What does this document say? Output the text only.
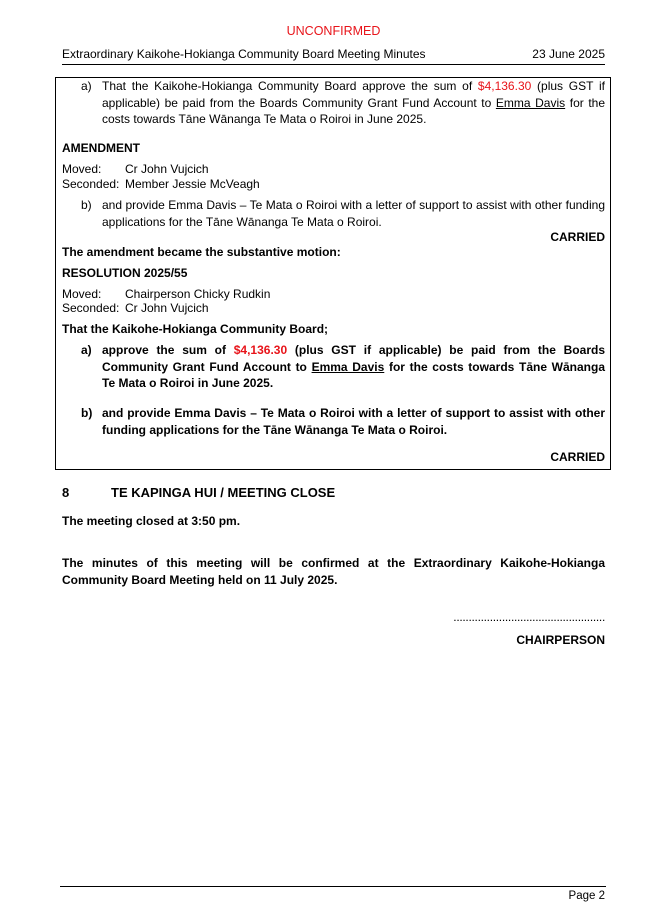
UNCONFIRMED
Extraordinary Kaikohe-Hokianga Community Board Meeting Minutes	23 June 2025
a) That the Kaikohe-Hokianga Community Board approve the sum of $4,136.30 (plus GST if applicable) be paid from the Boards Community Grant Fund Account to Emma Davis for the costs towards Tāne Wānanga Te Mata o Roiroi in June 2025.
AMENDMENT
Moved: Cr John Vujcich
Seconded: Member Jessie McVeagh
b) and provide Emma Davis – Te Mata o Roiroi with a letter of support to assist with other funding applications for the Tāne Wānanga Te Mata o Roiroi.
CARRIED
The amendment became the substantive motion:
RESOLUTION 2025/55
Moved: Chairperson Chicky Rudkin
Seconded: Cr John Vujcich
That the Kaikohe-Hokianga Community Board;
a) approve the sum of $4,136.30 (plus GST if applicable) be paid from the Boards Community Grant Fund Account to Emma Davis for the costs towards Tāne Wānanga Te Mata o Roiroi in June 2025.
b) and provide Emma Davis – Te Mata o Roiroi with a letter of support to assist with other funding applications for the Tāne Wānanga Te Mata o Roiroi.
CARRIED
8	TE KAPINGA HUI / MEETING CLOSE
The meeting closed at 3:50 pm.
The minutes of this meeting will be confirmed at the Extraordinary Kaikohe-Hokianga Community Board Meeting held on 11 July 2025.
..................................................
CHAIRPERSON
Page 2
